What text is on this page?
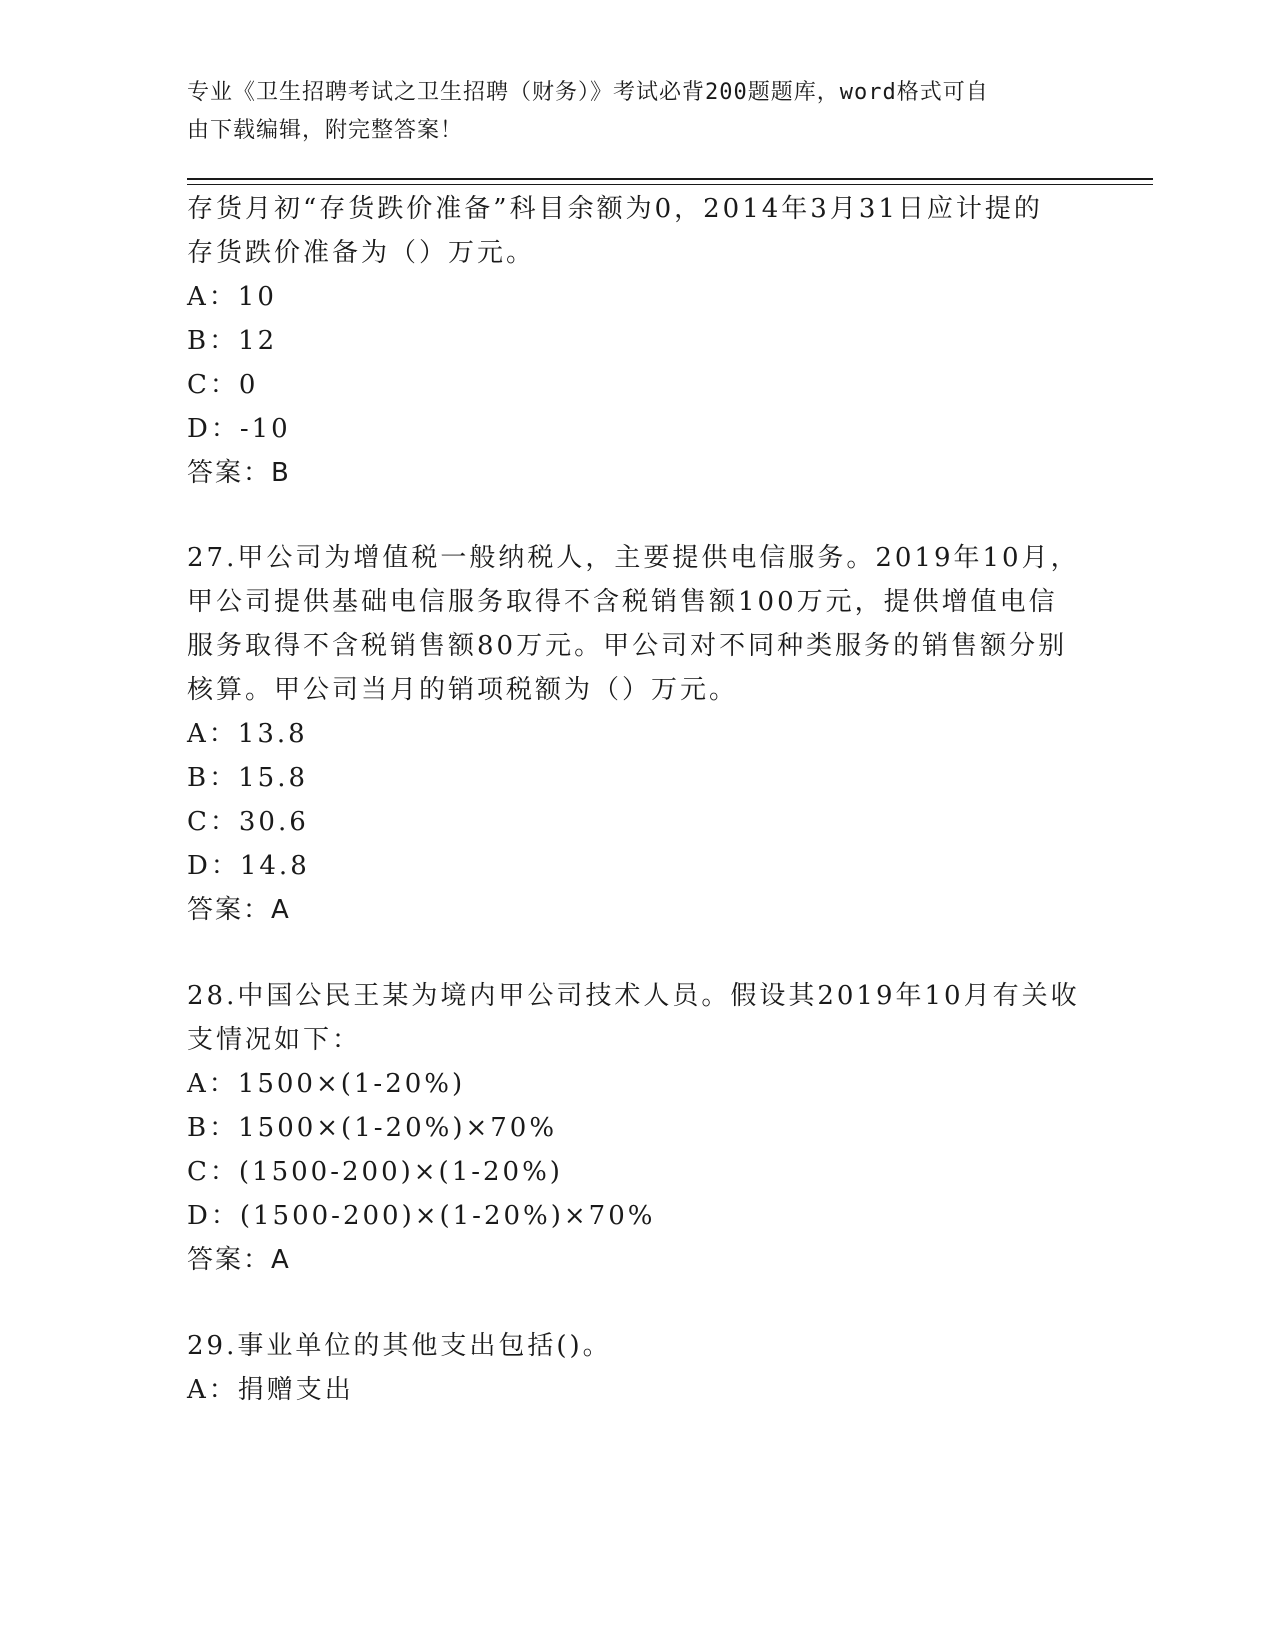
专业《卫生招聘考试之卫生招聘（财务）》考试必背200题题库，word格式可自
由下载编辑，附完整答案！
存货月初“存货跌价准备”科目余额为0，2014年3月31日应计提的
存货跌价准备为（）万元。
A：10
B：12
C：0
D：-10
答案：B
27.甲公司为增值税一般纳税人，主要提供电信服务。2019年10月，
甲公司提供基础电信服务取得不含税销售额100万元，提供增值电信
服务取得不含税销售额80万元。甲公司对不同种类服务的销售额分别
核算。甲公司当月的销项税额为（）万元。
A：13.8
B：15.8
C：30.6
D：14.8
答案：A
28.中国公民王某为境内甲公司技术人员。假设其2019年10月有关收
支情况如下：
A：1500×(1-20%)
B：1500×(1-20%)×70%
C：(1500-200)×(1-20%)
D：(1500-200)×(1-20%)×70%
答案：A
29.事业单位的其他支出包括()。
A：捐赠支出
